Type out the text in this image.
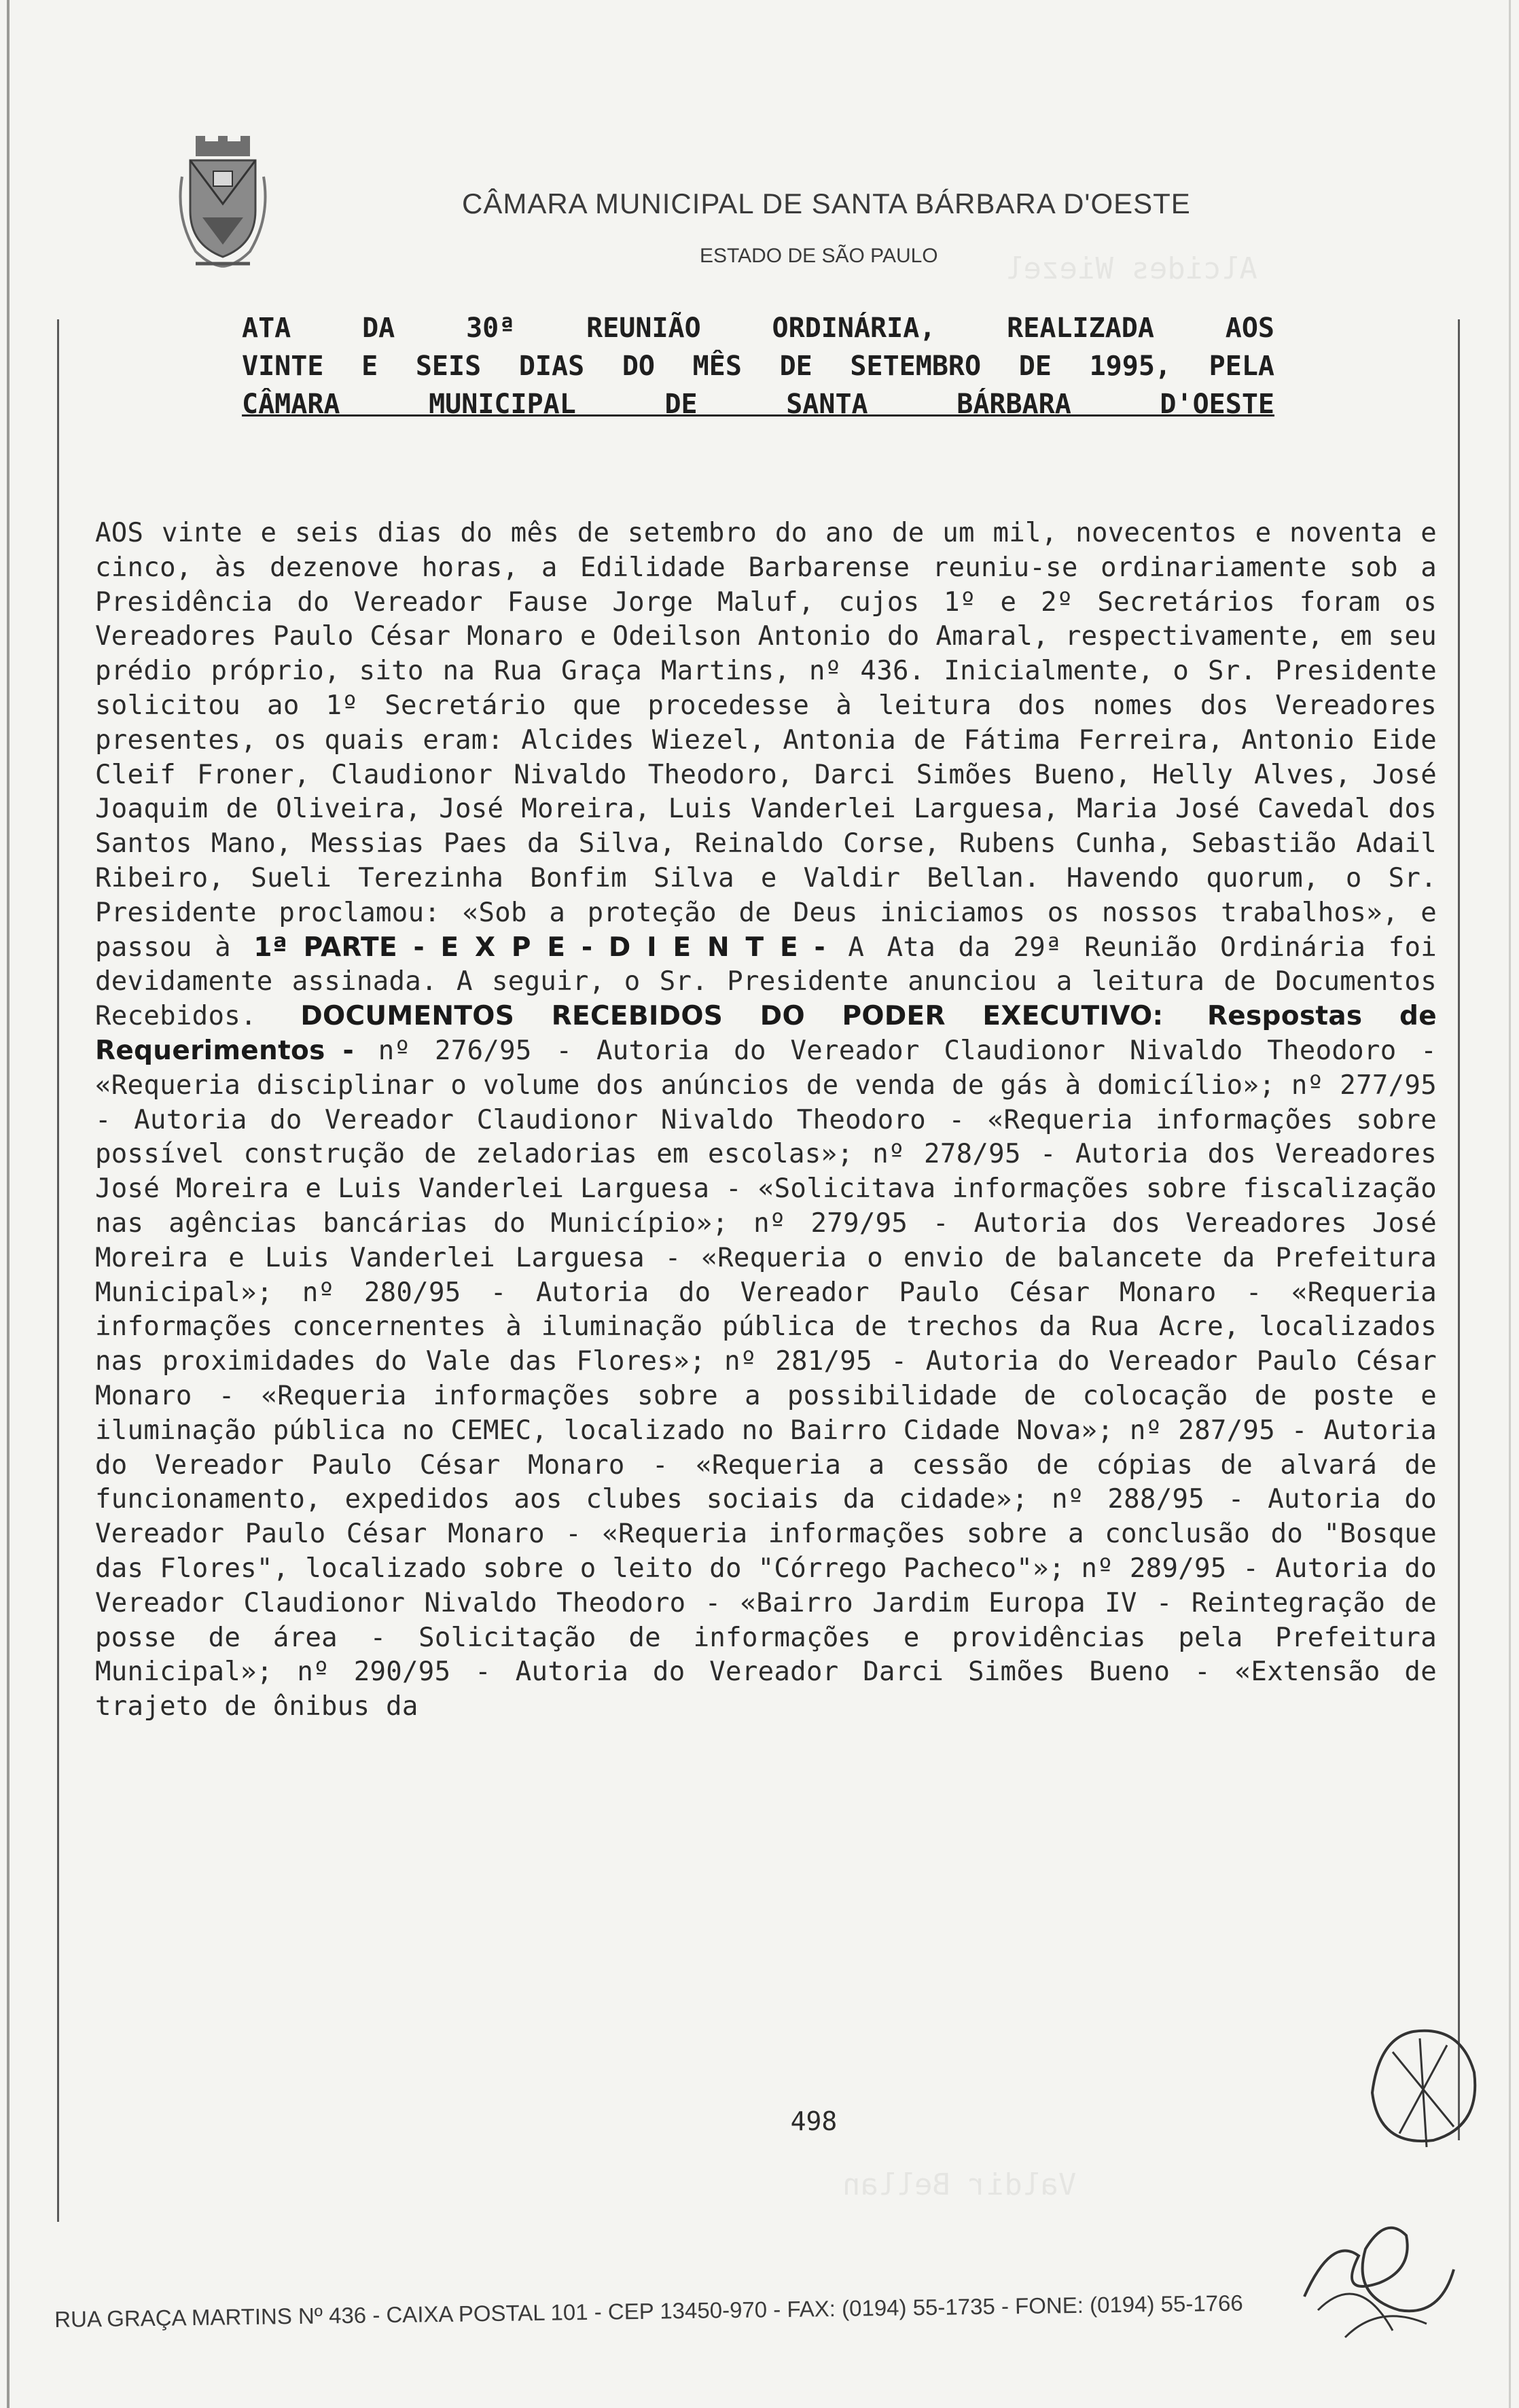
Alcides Wiezel
Valdir Bellan
CÂMARA MUNICIPAL DE SANTA BÁRBARA D'OESTE
ESTADO DE SÃO PAULO
ATA DA 30ª REUNIÃO ORDINÁRIA, REALIZADA AOS
VINTE E SEIS DIAS DO MÊS DE SETEMBRO DE 1995, PELA
CÂMARA MUNICIPAL DE SANTA BÁRBARA D'OESTE
AOS vinte e seis dias do mês de setembro do ano de um mil, novecentos e noventa e cinco, às dezenove horas, a Edilidade Barbarense reuniu-se ordinariamente sob a Presidência do Vereador Fause Jorge Maluf, cujos 1º e 2º Secretários foram os Vereadores Paulo César Monaro e Odeilson Antonio do Amaral, respectivamente, em seu prédio próprio, sito na Rua Graça Martins, nº 436. Inicialmente, o Sr. Presidente solicitou ao 1º Secretário que procedesse à leitura dos nomes dos Vereadores presentes, os quais eram: Alcides Wiezel, Antonia de Fátima Ferreira, Antonio Eide Cleif Froner, Claudionor Nivaldo Theodoro, Darci Simões Bueno, Helly Alves, José Joaquim de Oliveira, José Moreira, Luis Vanderlei Larguesa, Maria José Cavedal dos Santos Mano, Messias Paes da Silva, Reinaldo Corse, Rubens Cunha, Sebastião Adail Ribeiro, Sueli Terezinha Bonfim Silva e Valdir Bellan. Havendo quorum, o Sr. Presidente proclamou: «Sob a proteção de Deus iniciamos os nossos trabalhos», e passou à 1ª PARTE - E X P E - D I E N T E - A Ata da 29ª Reunião Ordinária foi devidamente assinada. A seguir, o Sr. Presidente anunciou a leitura de Documentos Recebidos. DOCUMENTOS RECEBIDOS DO PODER EXECUTIVO: Respostas de Requerimentos - nº 276/95 - Autoria do Vereador Claudionor Nivaldo Theodoro - «Requeria disciplinar o volume dos anúncios de venda de gás à domicílio»; nº 277/95 - Autoria do Vereador Claudionor Nivaldo Theodoro - «Requeria informações sobre possível construção de zeladorias em escolas»; nº 278/95 - Autoria dos Vereadores José Moreira e Luis Vanderlei Larguesa - «Solicitava informações sobre fiscalização nas agências bancárias do Município»; nº 279/95 - Autoria dos Vereadores José Moreira e Luis Vanderlei Larguesa - «Requeria o envio de balancete da Prefeitura Municipal»; nº 280/95 - Autoria do Vereador Paulo César Monaro - «Requeria informações concernentes à iluminação pública de trechos da Rua Acre, localizados nas proximidades do Vale das Flores»; nº 281/95 - Autoria do Vereador Paulo César Monaro - «Requeria informações sobre a possibilidade de colocação de poste e iluminação pública no CEMEC, localizado no Bairro Cidade Nova»; nº 287/95 - Autoria do Vereador Paulo César Monaro - «Requeria a cessão de cópias de alvará de funcionamento, expedidos aos clubes sociais da cidade»; nº 288/95 - Autoria do Vereador Paulo César Monaro - «Requeria informações sobre a conclusão do "Bosque das Flores", localizado sobre o leito do "Córrego Pacheco"»; nº 289/95 - Autoria do Vereador Claudionor Nivaldo Theodoro - «Bairro Jardim Europa IV - Reintegração de posse de área - Solicitação de informações e providências pela Prefeitura Municipal»; nº 290/95 - Autoria do Vereador Darci Simões Bueno - «Extensão de trajeto de ônibus da
498
RUA GRAÇA MARTINS Nº 436 - CAIXA POSTAL 101 - CEP 13450-970 - FAX: (0194) 55-1735 - FONE: (0194) 55-1766
